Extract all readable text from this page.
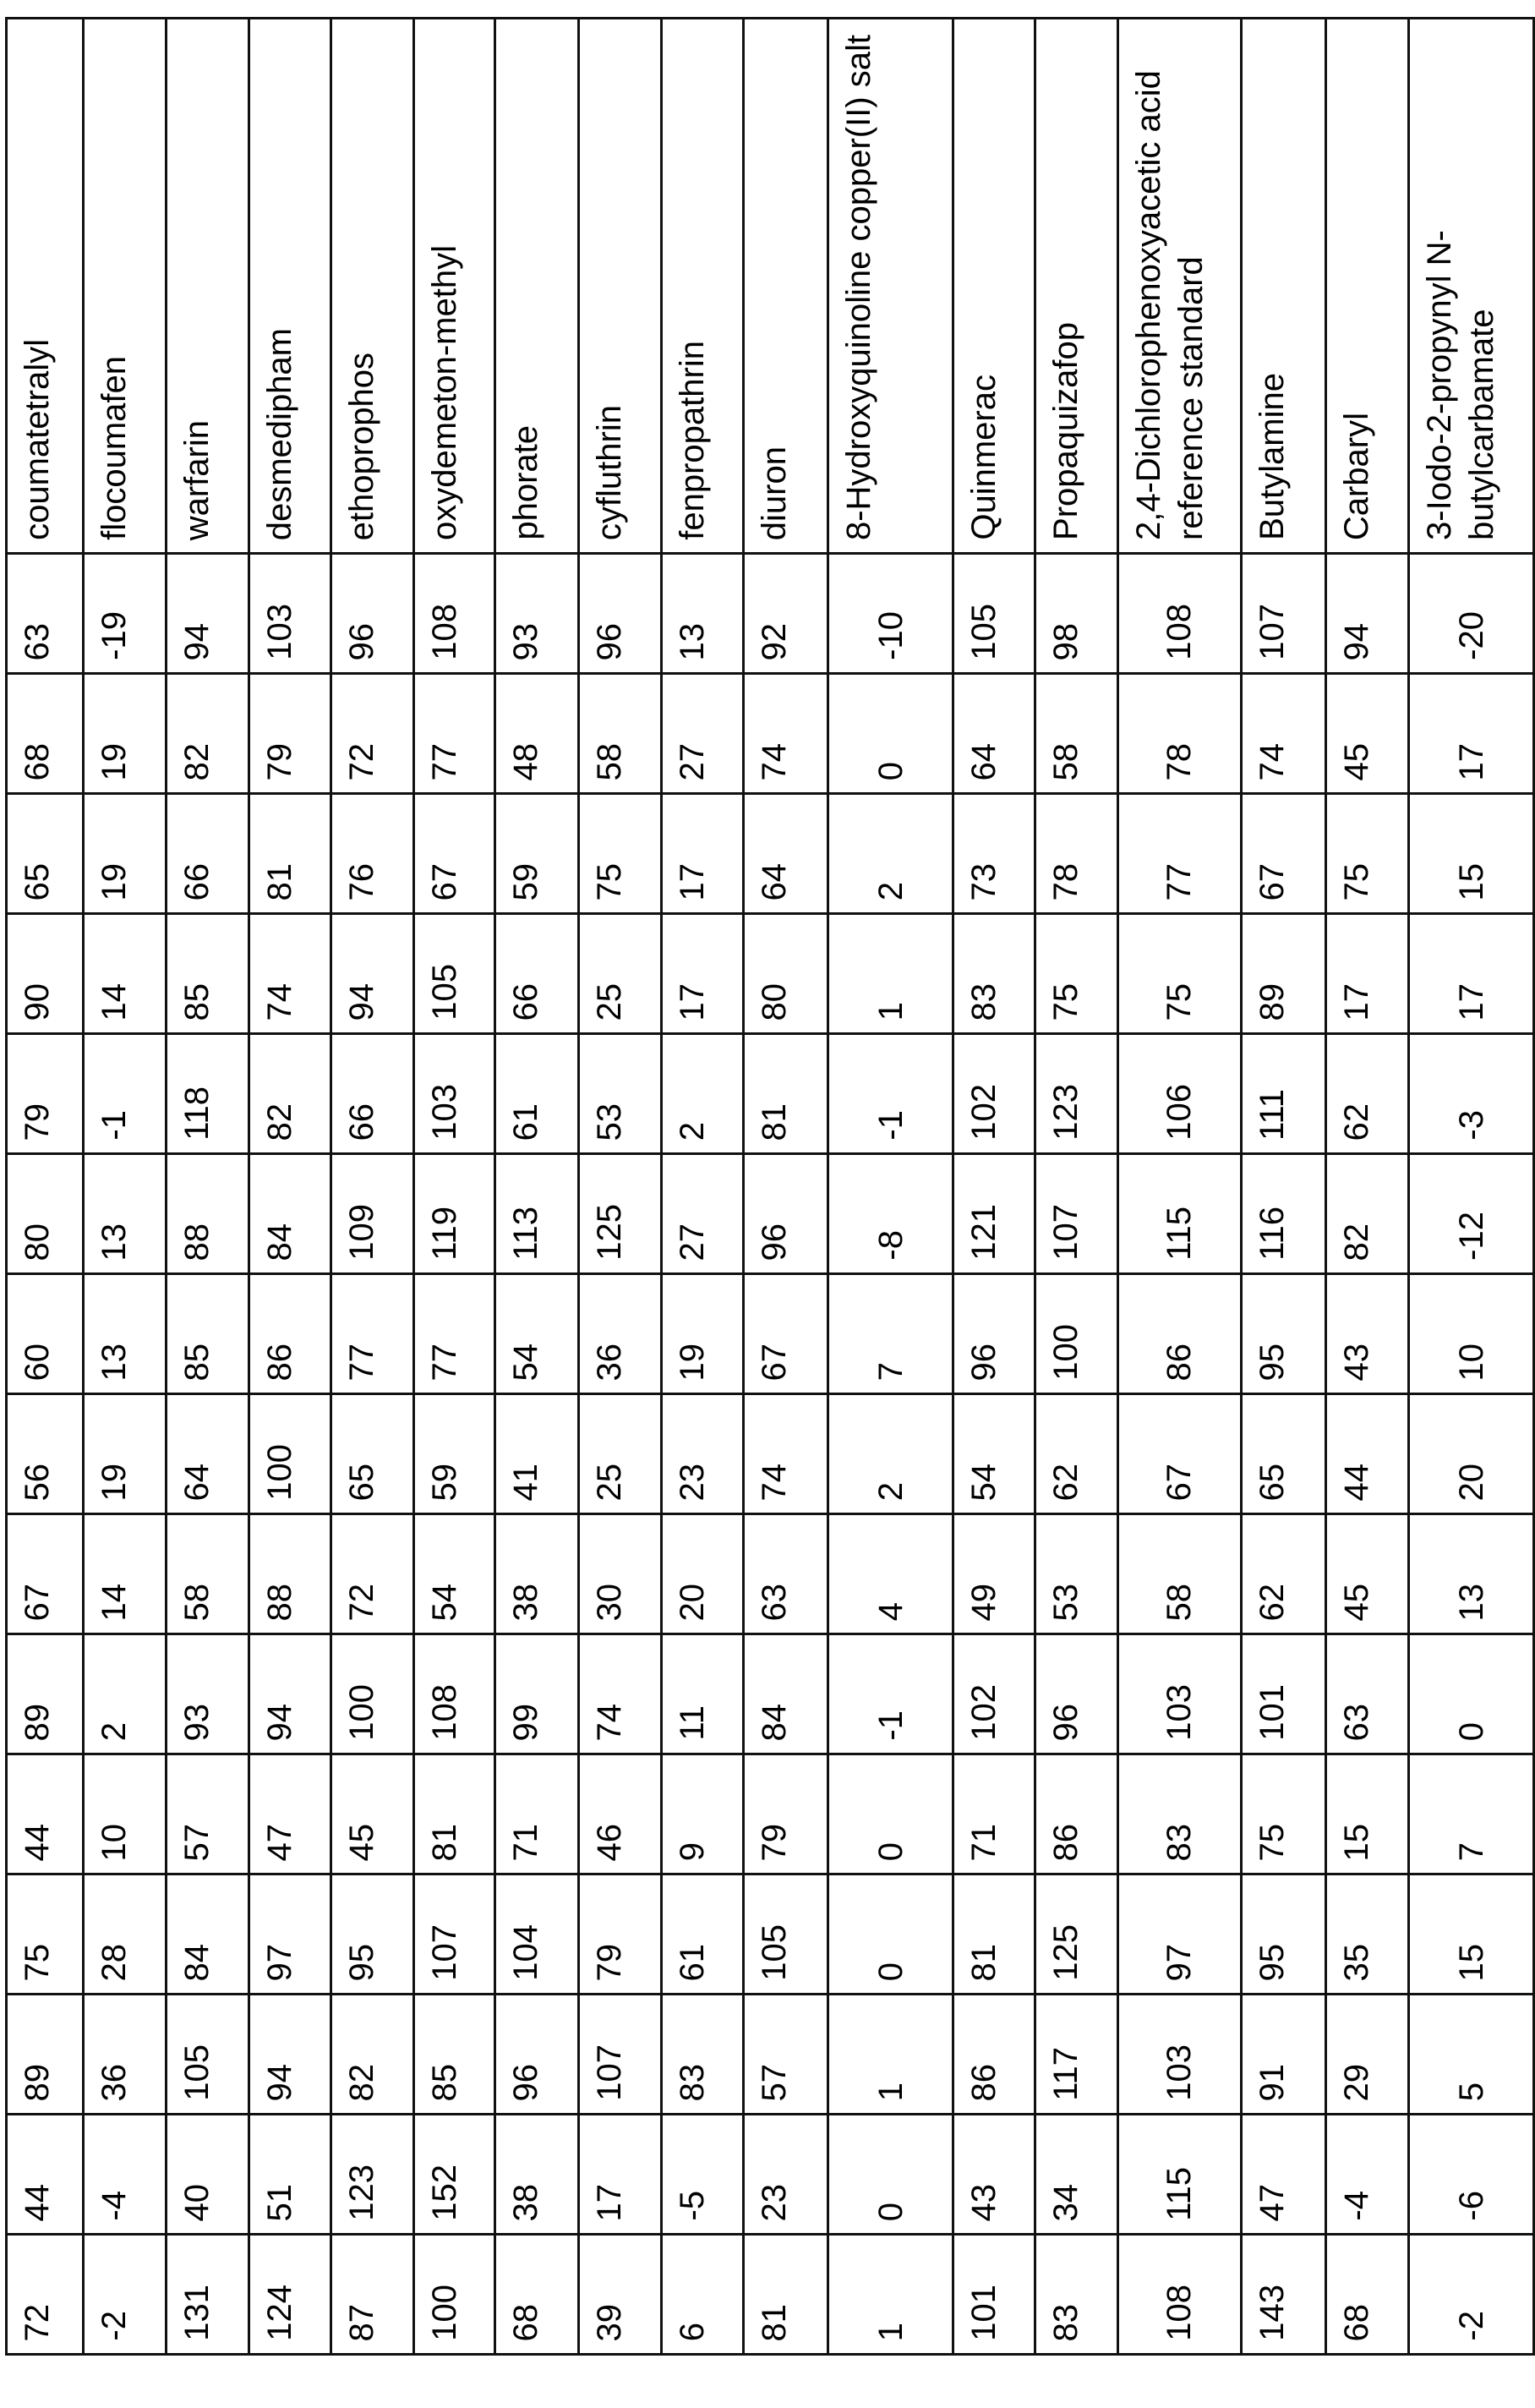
coumatetralyl	flocoumafen	warfarin	desmedipham	ethoprophos	oxydemeton-methyl	phorate	cyfluthrin	fenpropathrin	diuron	8-Hydroxyquinoline copper(II) salt	Quinmerac	Propaquizafop	2,4-Dichlorophenoxyacetic acid reference standard	Butylamine	Carbaryl	3-Iodo-2-propynyl N-butylcarbamate

63	-19	94	103	96	108	93	96	13	92	-10	105	98	108	107	94	-20

68	19	82	79	72	77	48	58	27	74	0	64	58	78	74	45	17

65	19	66	81	76	67	59	75	17	64	2	73	78	77	67	75	15

90	14	85	74	94	105	66	25	17	80	1	83	75	75	89	17	17

79	-1	118	82	66	103	61	53	2	81	-1	102	123	106	111	62	-3

80	13	88	84	109	119	113	125	27	96	-8	121	107	115	116	82	-12

60	13	85	86	77	77	54	36	19	67	7	96	100	86	95	43	10

56	19	64	100	65	59	41	25	23	74	2	54	62	67	65	44	20

67	14	58	88	72	54	38	30	20	63	4	49	53	58	62	45	13

89	2	93	94	100	108	99	74	11	84	-1	102	96	103	101	63	0

44	10	57	47	45	81	71	46	9	79	0	71	86	83	75	15	7

75	28	84	97	95	107	104	79	61	105	0	81	125	97	95	35	15

89	36	105	94	82	85	96	107	83	57	1	86	117	103	91	29	5

44	-4	40	51	123	152	38	17	-5	23	0	43	34	115	47	-4	-6

72	-2	131	124	87	100	68	39	6	81	1	101	83	108	143	68	-2
